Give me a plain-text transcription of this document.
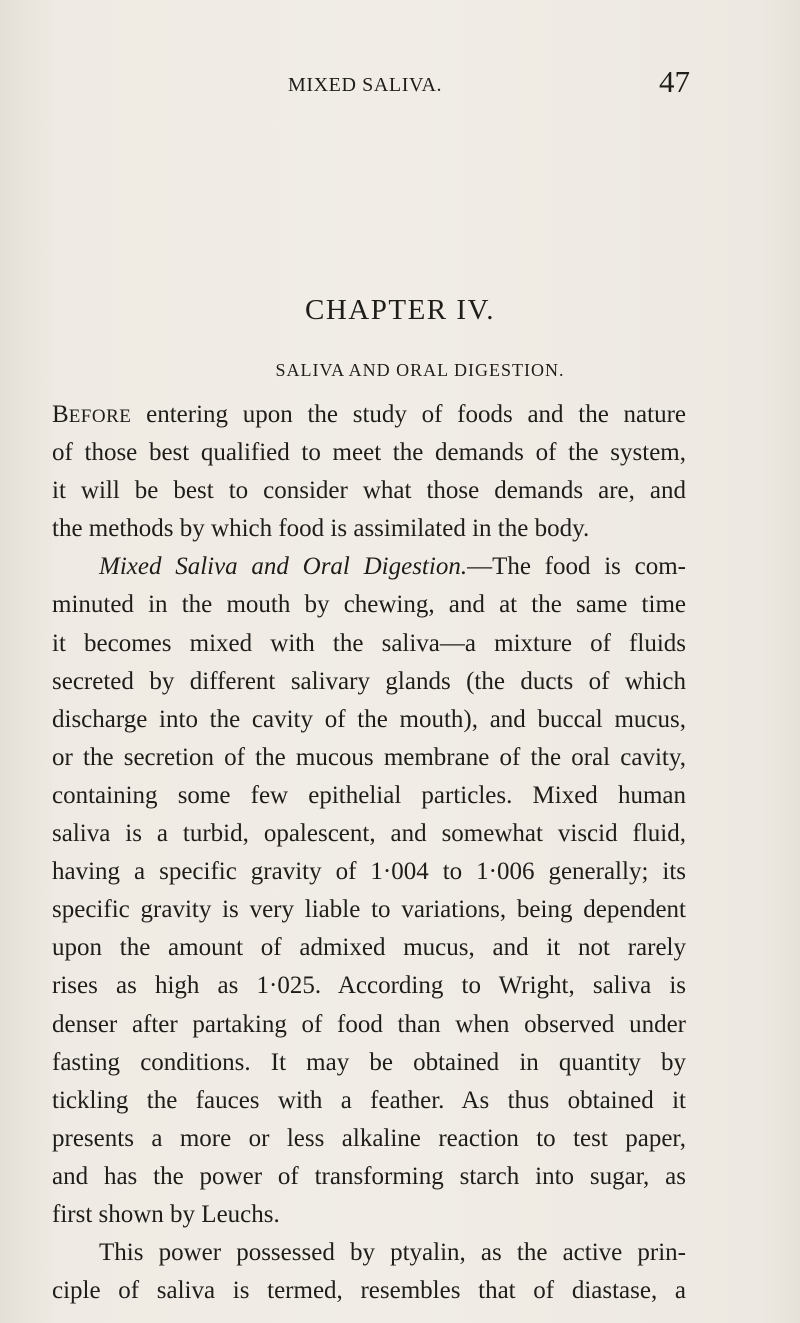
MIXED SALIVA.	47
CHAPTER IV.
SALIVA AND ORAL DIGESTION.
BEFORE entering upon the study of foods and the nature
of those best qualified to meet the demands of the system,
it will be best to consider what those demands are, and
the methods by which food is assimilated in the body.
Mixed Saliva and Oral Digestion.—The food is com-
minuted in the mouth by chewing, and at the same time
it becomes mixed with the saliva—a mixture of fluids
secreted by different salivary glands (the ducts of which
discharge into the cavity of the mouth), and buccal mucus,
or the secretion of the mucous membrane of the oral cavity,
containing some few epithelial particles. Mixed human
saliva is a turbid, opalescent, and somewhat viscid fluid,
having a specific gravity of 1·004 to 1·006 generally; its
specific gravity is very liable to variations, being dependent
upon the amount of admixed mucus, and it not rarely
rises as high as 1·025. According to Wright, saliva is
denser after partaking of food than when observed under
fasting conditions. It may be obtained in quantity by
tickling the fauces with a feather. As thus obtained it
presents a more or less alkaline reaction to test paper,
and has the power of transforming starch into sugar, as
first shown by Leuchs.
This power possessed by ptyalin, as the active prin-
ciple of saliva is termed, resembles that of diastase, a
